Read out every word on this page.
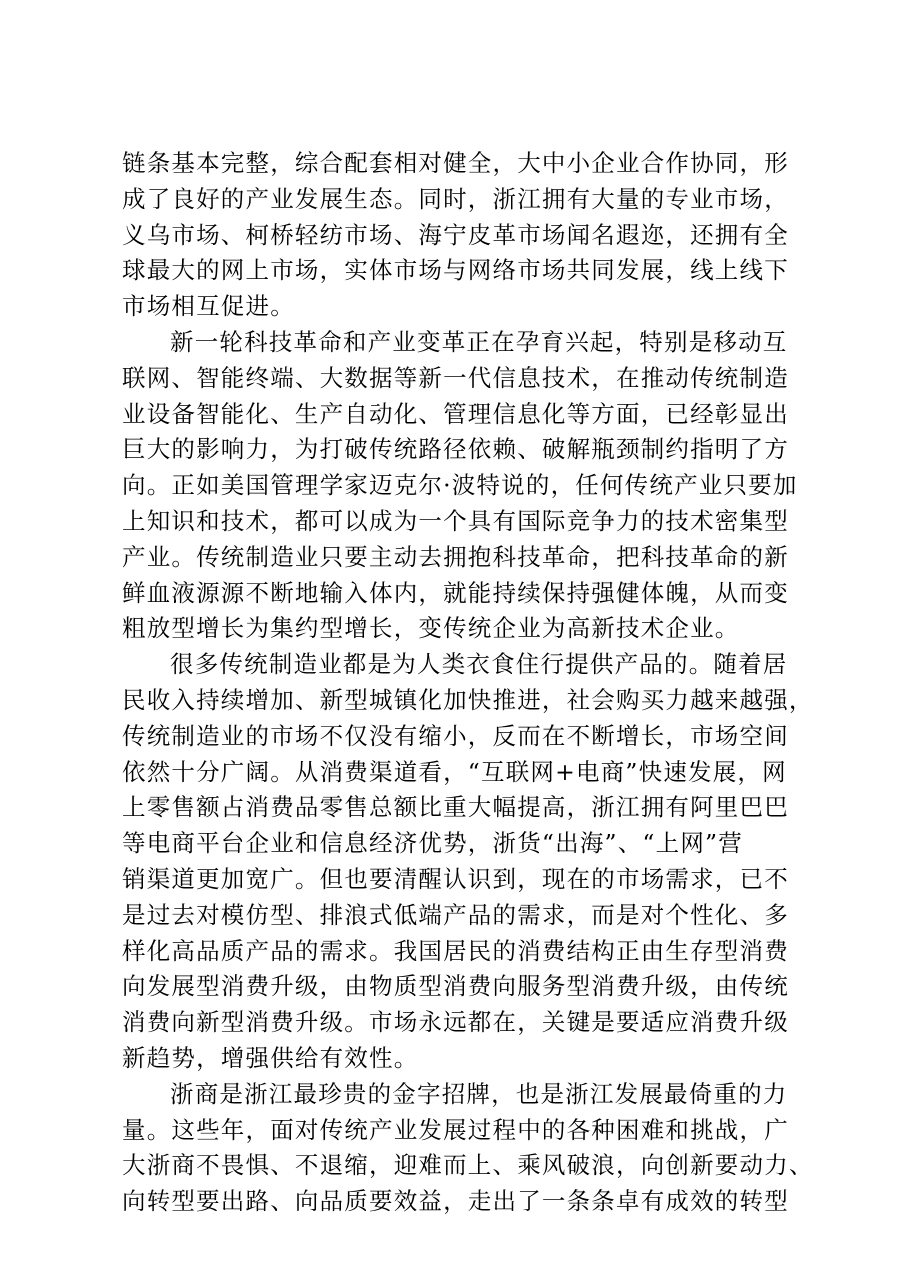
链条基本完整，综合配套相对健全，大中小企业合作协同，形
成了良好的产业发展生态。同时，浙江拥有大量的专业市场，
义乌市场、柯桥轻纺市场、海宁皮革市场闻名遐迩，还拥有全
球最大的网上市场，实体市场与网络市场共同发展，线上线下
市场相互促进。
新一轮科技革命和产业变革正在孕育兴起，特别是移动互
联网、智能终端、大数据等新一代信息技术，在推动传统制造
业设备智能化、生产自动化、管理信息化等方面，已经彰显出
巨大的影响力，为打破传统路径依赖、破解瓶颈制约指明了方
向。正如美国管理学家迈克尔·波特说的，任何传统产业只要加
上知识和技术，都可以成为一个具有国际竞争力的技术密集型
产业。传统制造业只要主动去拥抱科技革命，把科技革命的新
鲜血液源源不断地输入体内，就能持续保持强健体魄，从而变
粗放型增长为集约型增长，变传统企业为高新技术企业。
很多传统制造业都是为人类衣食住行提供产品的。随着居
民收入持续增加、新型城镇化加快推进，社会购买力越来越强，
传统制造业的市场不仅没有缩小，反而在不断增长，市场空间
依然十分广阔。从消费渠道看，“互联网+电商”快速发展，网
上零售额占消费品零售总额比重大幅提高，浙江拥有阿里巴巴
等电商平台企业和信息经济优势，浙货“出海”、“上网”营
销渠道更加宽广。但也要清醒认识到，现在的市场需求，已不
是过去对模仿型、排浪式低端产品的需求，而是对个性化、多
样化高品质产品的需求。我国居民的消费结构正由生存型消费
向发展型消费升级，由物质型消费向服务型消费升级，由传统
消费向新型消费升级。市场永远都在，关键是要适应消费升级
新趋势，增强供给有效性。
浙商是浙江最珍贵的金字招牌，也是浙江发展最倚重的力
量。这些年，面对传统产业发展过程中的各种困难和挑战，广
大浙商不畏惧、不退缩，迎难而上、乘风破浪，向创新要动力、
向转型要出路、向品质要效益，走出了一条条卓有成效的转型
